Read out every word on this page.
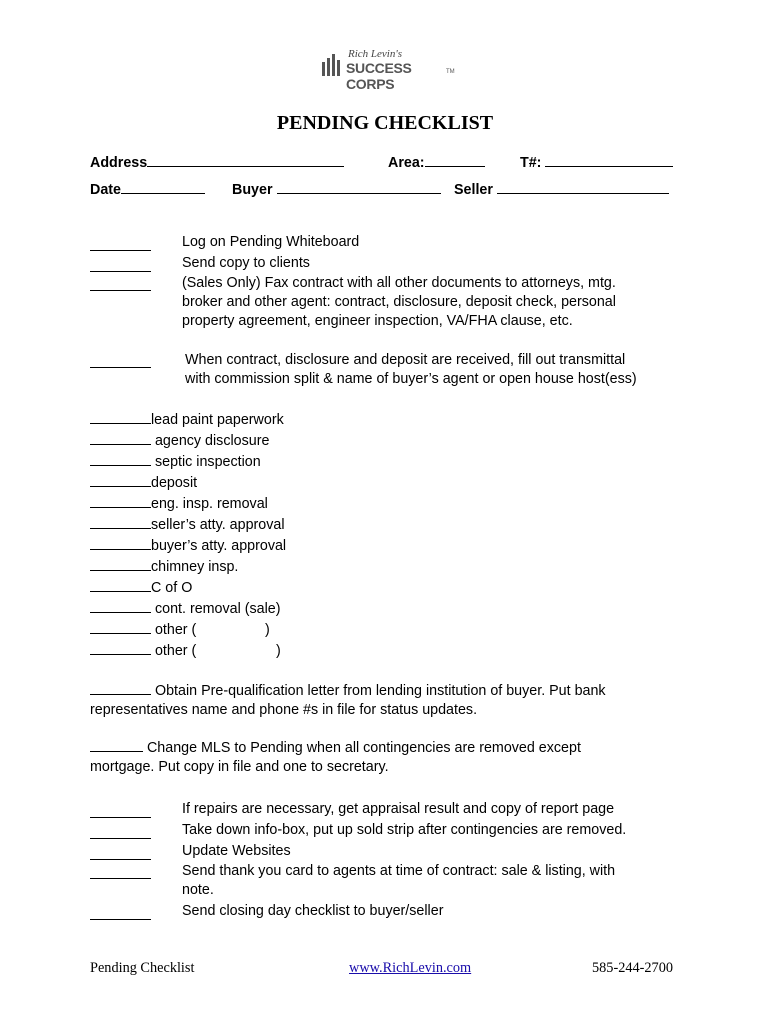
Rich Levin's
SUCCESS CORPS
TM
PENDING CHECKLIST
Address	Area:	T#:
Date	Buyer	Seller
Log on Pending Whiteboard
Send copy to clients
(Sales Only) Fax contract with all other documents to attorneys, mtg.
broker and other agent: contract, disclosure, deposit check, personal
property agreement, engineer inspection, VA/FHA clause, etc.
When contract, disclosure and deposit are received, fill out transmittal
with commission split & name of buyer’s agent or open house host(ess)
lead paint paperwork
agency disclosure
septic inspection
deposit
eng. insp. removal
seller’s atty. approval
buyer’s atty. approval
chimney insp.
C of O
cont. removal (sale)
other (	)
other (	)
Obtain Pre-qualification letter from lending institution of buyer. Put bank
representatives name and phone #s in file for status updates.
Change MLS to Pending when all contingencies are removed except
mortgage. Put copy in file and one to secretary.
If repairs are necessary, get appraisal result and copy of report page
Take down info-box, put up sold strip after contingencies are removed.
Update Websites
Send thank you card to agents at time of contract: sale & listing, with
note.
Send closing day checklist to buyer/seller
Pending Checklist	www.RichLevin.com	585-244-2700
